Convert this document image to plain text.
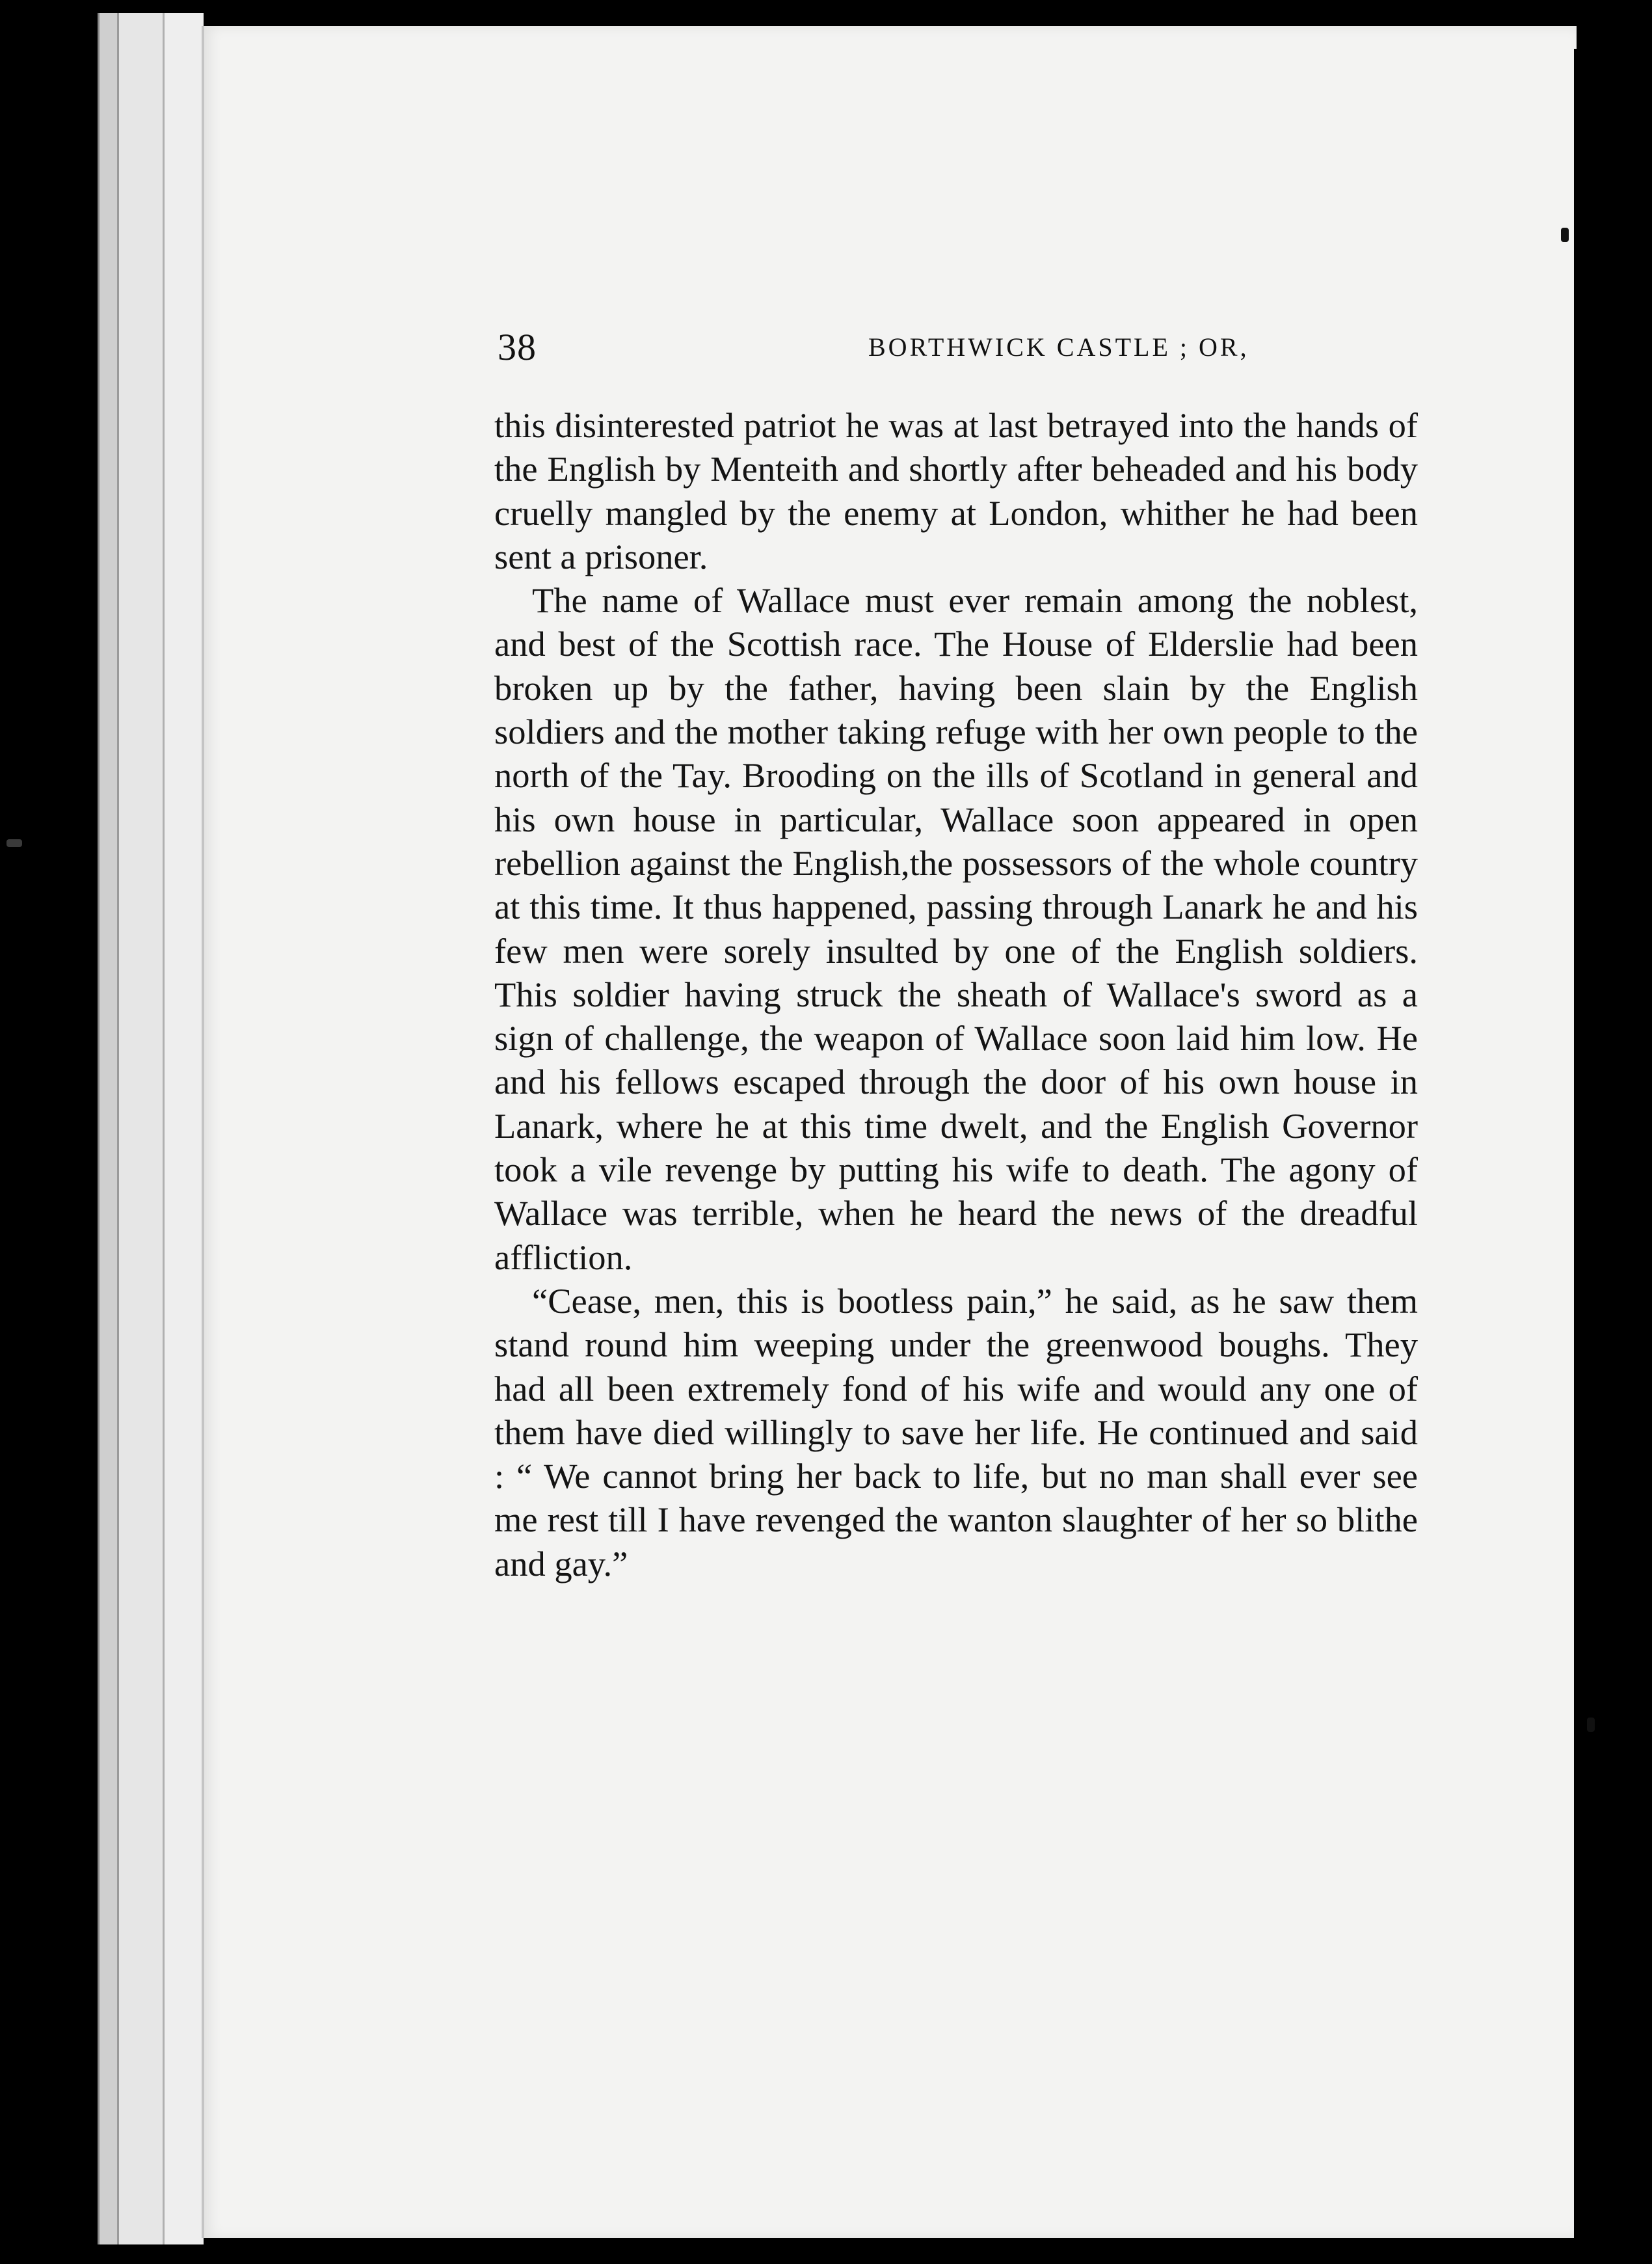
38	BORTHWICK CASTLE ; OR,

this disinterested patriot he was at last betrayed into the hands of the English by Menteith and shortly after beheaded and his body cruelly mangled by the enemy at London, whither he had been sent a prisoner.

The name of Wallace must ever remain among the noblest, and best of the Scottish race. The House of Elderslie had been broken up by the father, having been slain by the English soldiers and the mother taking refuge with her own people to the north of the Tay. Brooding on the ills of Scotland in general and his own house in particular, Wallace soon appeared in open rebellion against the English,the possessors of the whole country at this time. It thus happened, passing through Lanark he and his few men were sorely insulted by one of the English soldiers. This soldier having struck the sheath of Wallace's sword as a sign of challenge, the weapon of Wallace soon laid him low. He and his fellows escaped through the door of his own house in Lanark, where he at this time dwelt, and the English Governor took a vile revenge by putting his wife to death. The agony of Wallace was terrible, when he heard the news of the dreadful affliction.

“Cease, men, this is bootless pain,” he said, as he saw them stand round him weeping under the greenwood boughs. They had all been extremely fond of his wife and would any one of them have died willingly to save her life. He continued and said : “ We cannot bring her back to life, but no man shall ever see me rest till I have revenged the wanton slaughter of her so blithe and gay.”
